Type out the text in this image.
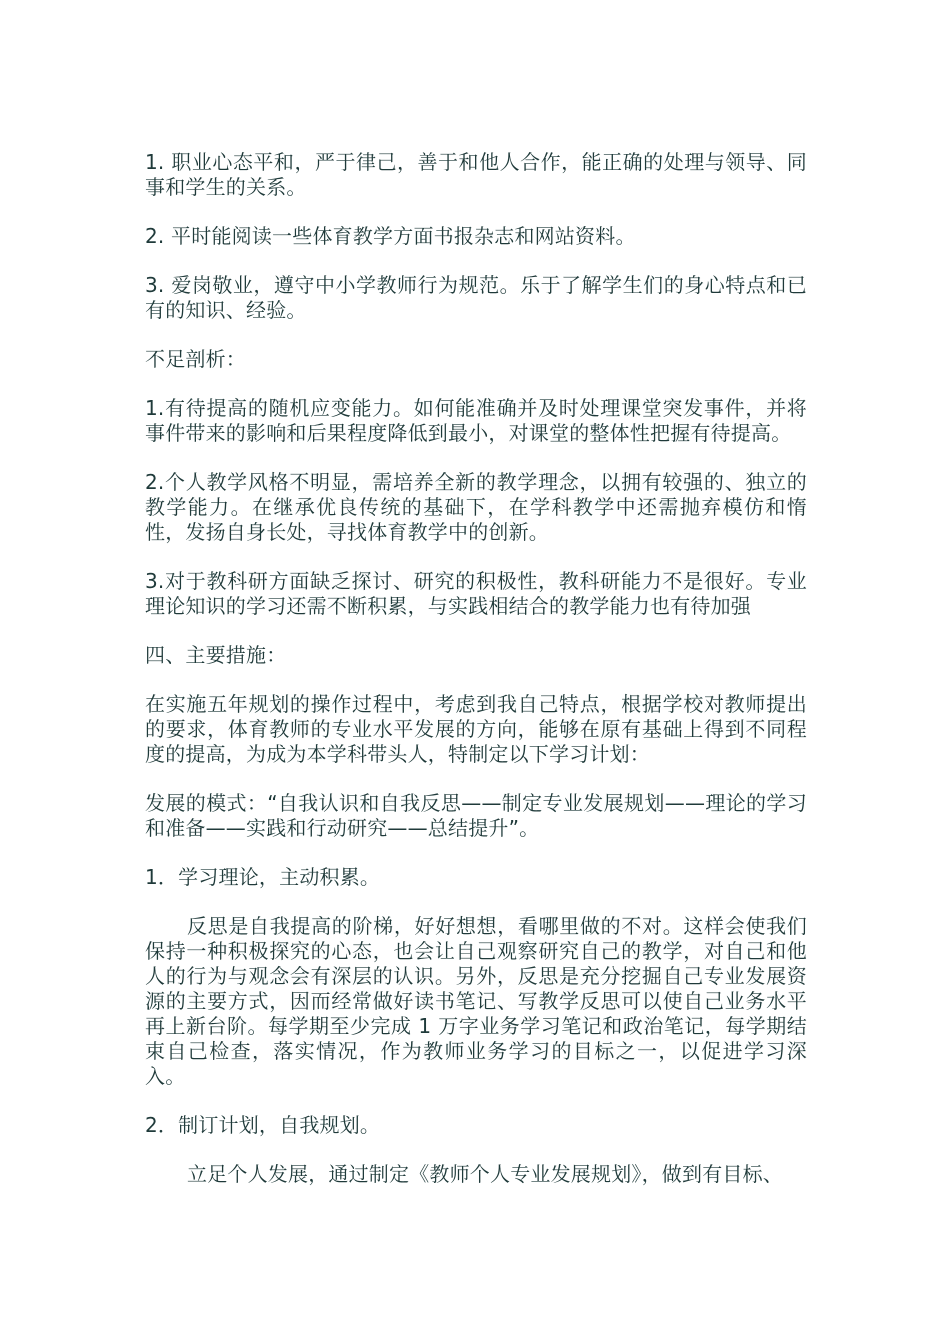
1. 职业心态平和，严于律己，善于和他人合作，能正确的处理与领导、同事和学生的关系。

2. 平时能阅读一些体育教学方面书报杂志和网站资料。

3. 爱岗敬业，遵守中小学教师行为规范。乐于了解学生们的身心特点和已有的知识、经验。

不足剖析：

1.有待提高的随机应变能力。如何能准确并及时处理课堂突发事件，并将事件带来的影响和后果程度降低到最小，对课堂的整体性把握有待提高。

2.个人教学风格不明显，需培养全新的教学理念，以拥有较强的、独立的教学能力。在继承优良传统的基础下，在学科教学中还需抛弃模仿和惰性，发扬自身长处，寻找体育教学中的创新。

3.对于教科研方面缺乏探讨、研究的积极性，教科研能力不是很好。专业理论知识的学习还需不断积累，与实践相结合的教学能力也有待加强

四、主要措施：

在实施五年规划的操作过程中，考虑到我自己特点，根据学校对教师提出的要求，体育教师的专业水平发展的方向，能够在原有基础上得到不同程度的提高，为成为本学科带头人，特制定以下学习计划：

发展的模式：“自我认识和自我反思——制定专业发展规划——理论的学习和准备——实践和行动研究——总结提升”。

1．学习理论，主动积累。

反思是自我提高的阶梯，好好想想，看哪里做的不对。这样会使我们保持一种积极探究的心态，也会让自己观察研究自己的教学，对自己和他人的行为与观念会有深层的认识。另外，反思是充分挖掘自己专业发展资源的主要方式，因而经常做好读书笔记、写教学反思可以使自己业务水平再上新台阶。每学期至少完成 1 万字业务学习笔记和政治笔记，每学期结束自己检查，落实情况，作为教师业务学习的目标之一，以促进学习深入。

2．制订计划，自我规划。

立足个人发展，通过制定《教师个人专业发展规划》，做到有目标、
